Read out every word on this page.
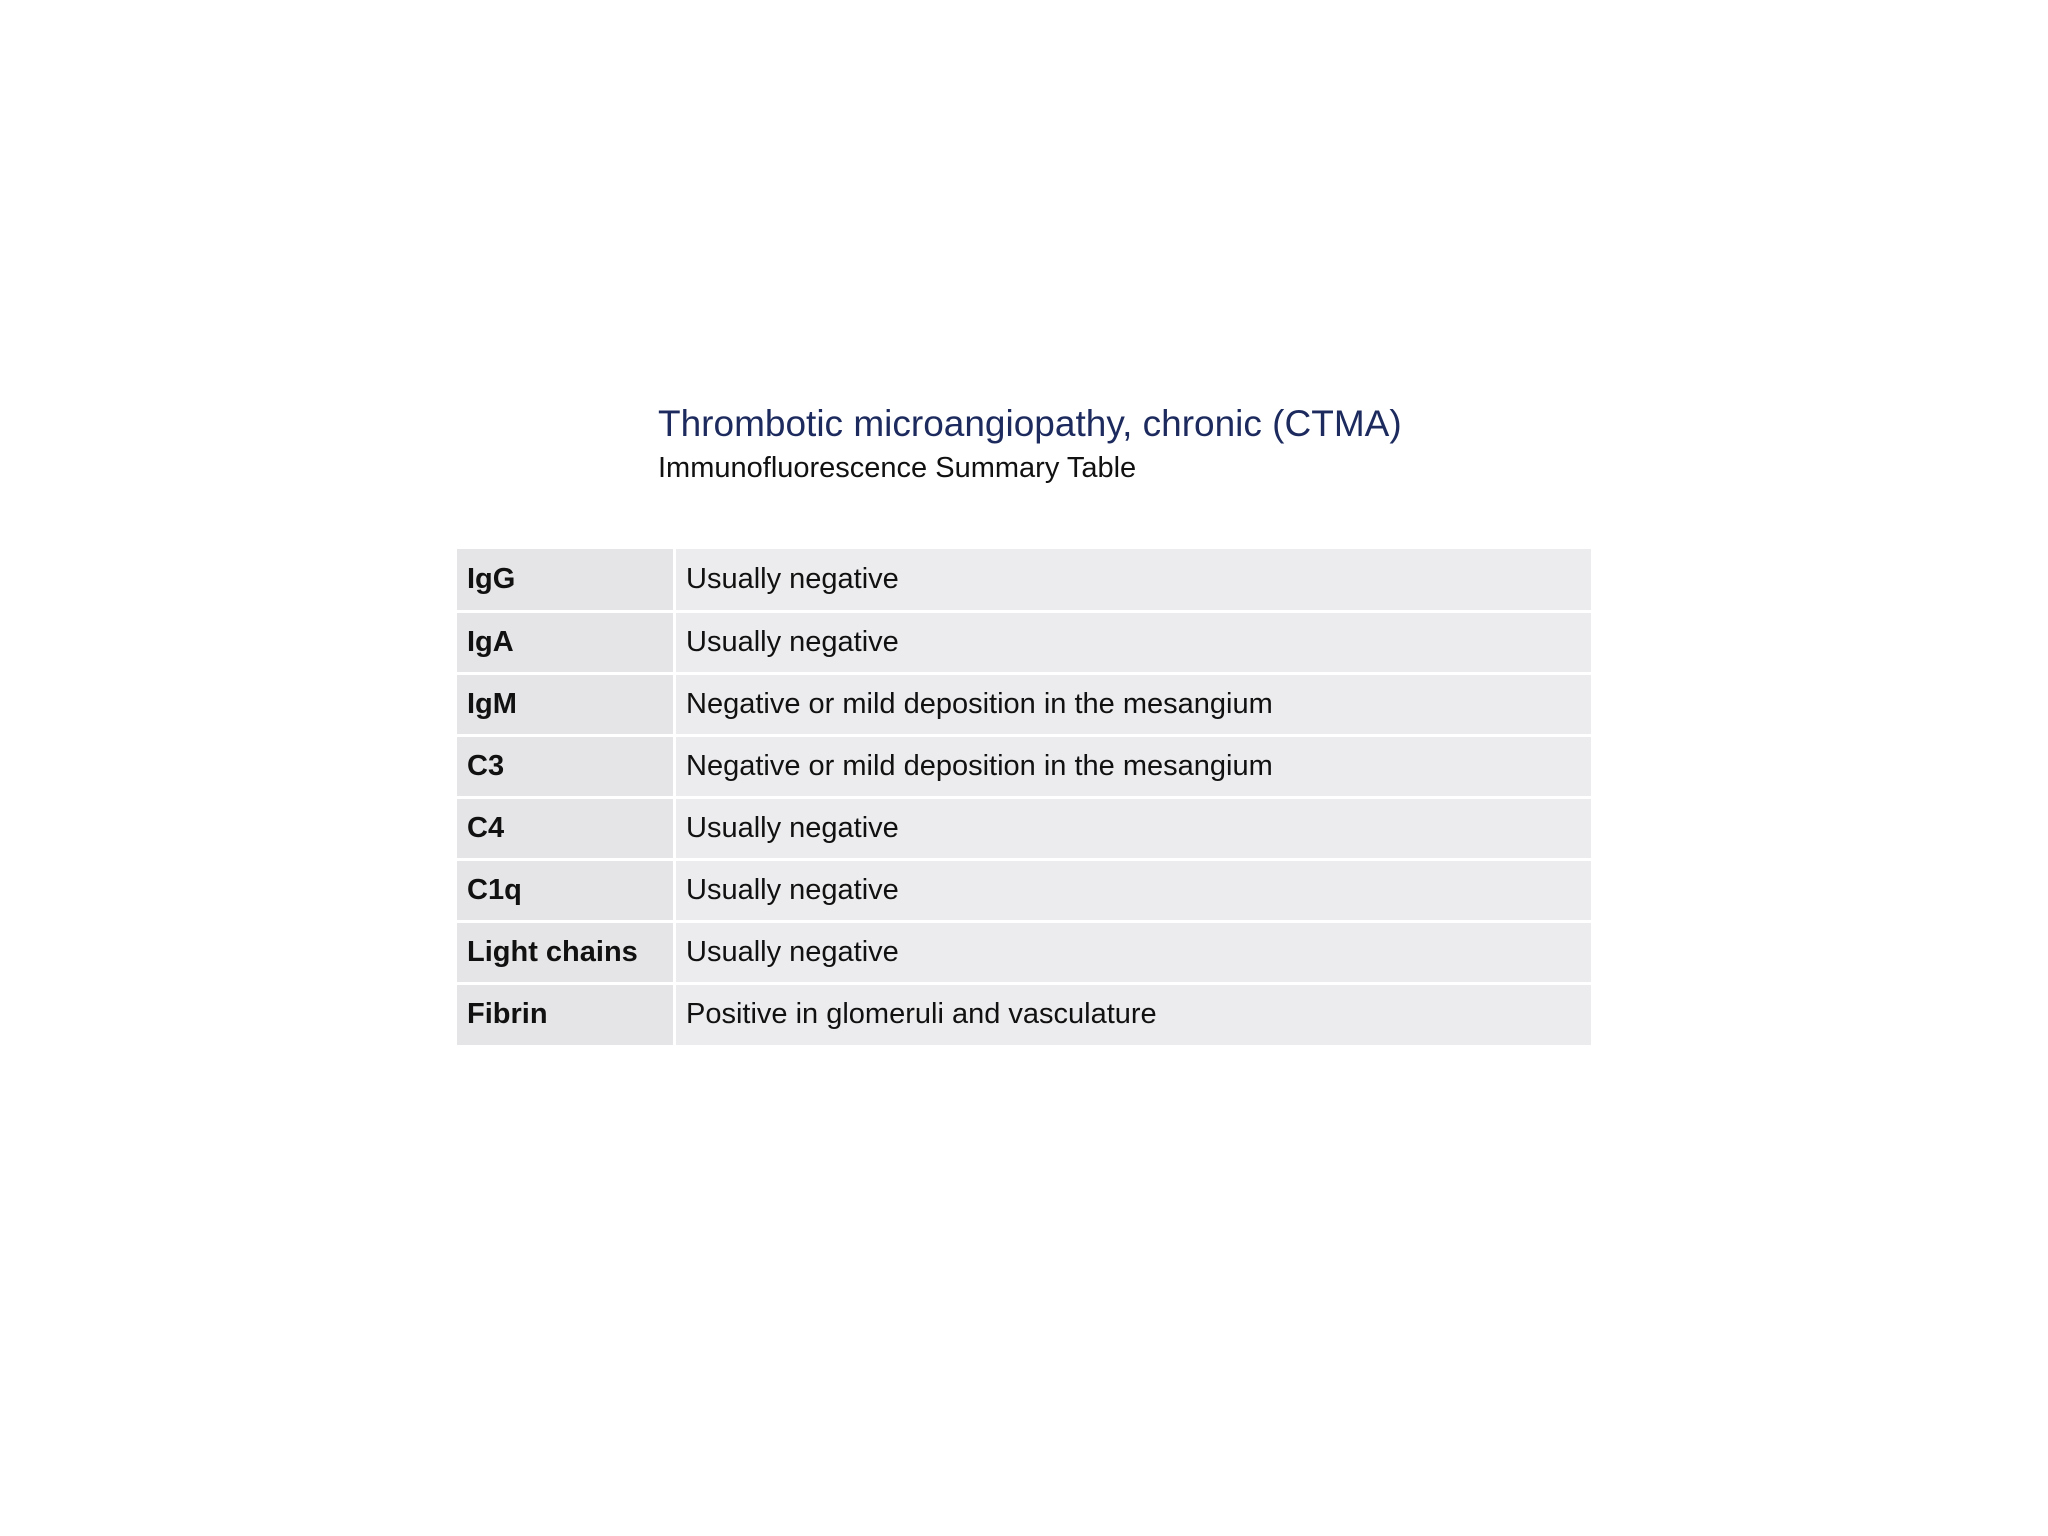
Thrombotic microangiopathy, chronic (CTMA)
Immunofluorescence Summary Table
IgG	Usually negative
IgA	Usually negative
IgM	Negative or mild deposition in the mesangium
C3	Negative or mild deposition in the mesangium
C4	Usually negative
C1q	Usually negative
Light chains	Usually negative
Fibrin	Positive in glomeruli and vasculature
